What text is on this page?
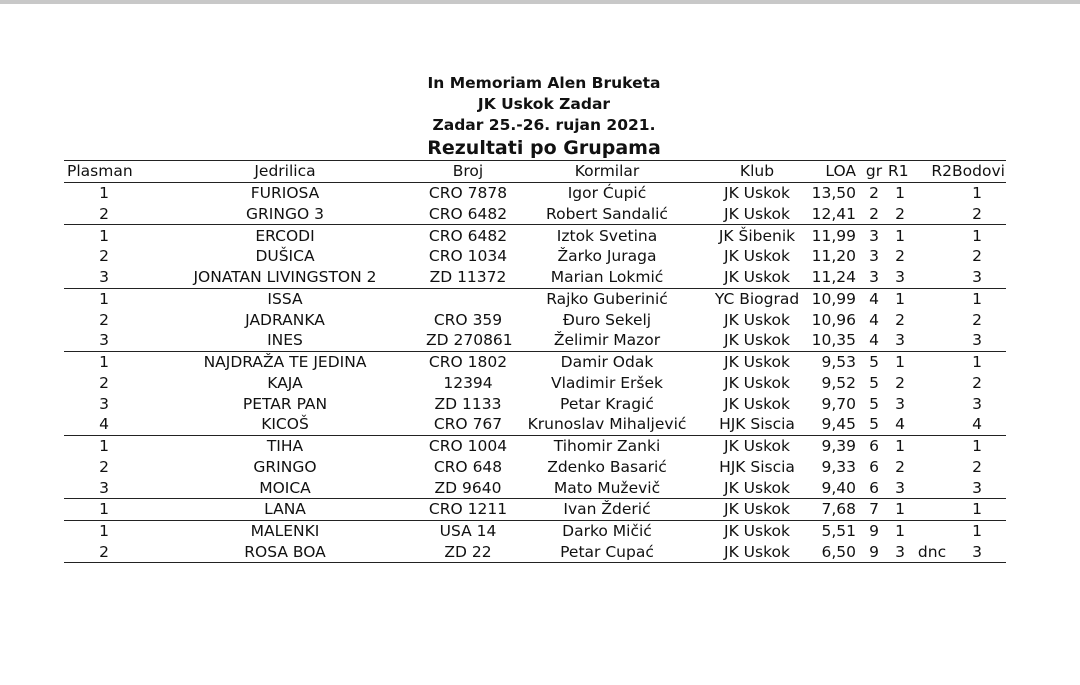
In Memoriam Alen Bruketa
JK Uskok Zadar
Zadar 25.-26. rujan 2021.
Rezultati po Grupama
Plasman	Jedrilica	Broj	Kormilar	Klub	LOA	gr	R1	R2	Bodovi
1	FURIOSA	CRO 7878	Igor Ćupić	JK Uskok	13,50	2	1		1
2	GRINGO 3	CRO 6482	Robert Sandalić	JK Uskok	12,41	2	2		2
1	ERCODI	CRO 6482	Iztok Svetina	JK Šibenik	11,99	3	1		1
2	DUŠICA	CRO 1034	Žarko Juraga	JK Uskok	11,20	3	2		2
3	JONATAN LIVINGSTON 2	ZD 11372	Marian Lokmić	JK Uskok	11,24	3	3		3
1	ISSA		Rajko Guberinić	YC Biograd	10,99	4	1		1
2	JADRANKA	CRO 359	Đuro Sekelj	JK Uskok	10,96	4	2		2
3	INES	ZD 270861	Želimir Mazor	JK Uskok	10,35	4	3		3
1	NAJDRAŽA TE JEDINA	CRO 1802	Damir Odak	JK Uskok	9,53	5	1		1
2	KAJA	12394	Vladimir Eršek	JK Uskok	9,52	5	2		2
3	PETAR PAN	ZD 1133	Petar Kragić	JK Uskok	9,70	5	3		3
4	KICOŠ	CRO 767	Krunoslav Mihaljević	HJK Siscia	9,45	5	4		4
1	TIHA	CRO 1004	Tihomir Zanki	JK Uskok	9,39	6	1		1
2	GRINGO	CRO 648	Zdenko Basarić	HJK Siscia	9,33	6	2		2
3	MOICA	ZD 9640	Mato Muževič	JK Uskok	9,40	6	3		3
1	LANA	CRO 1211	Ivan Žderić	JK Uskok	7,68	7	1		1
1	MALENKI	USA 14	Darko Mičić	JK Uskok	5,51	9	1		1
2	ROSA BOA	ZD 22	Petar Cupać	JK Uskok	6,50	9	3	dnc	3
